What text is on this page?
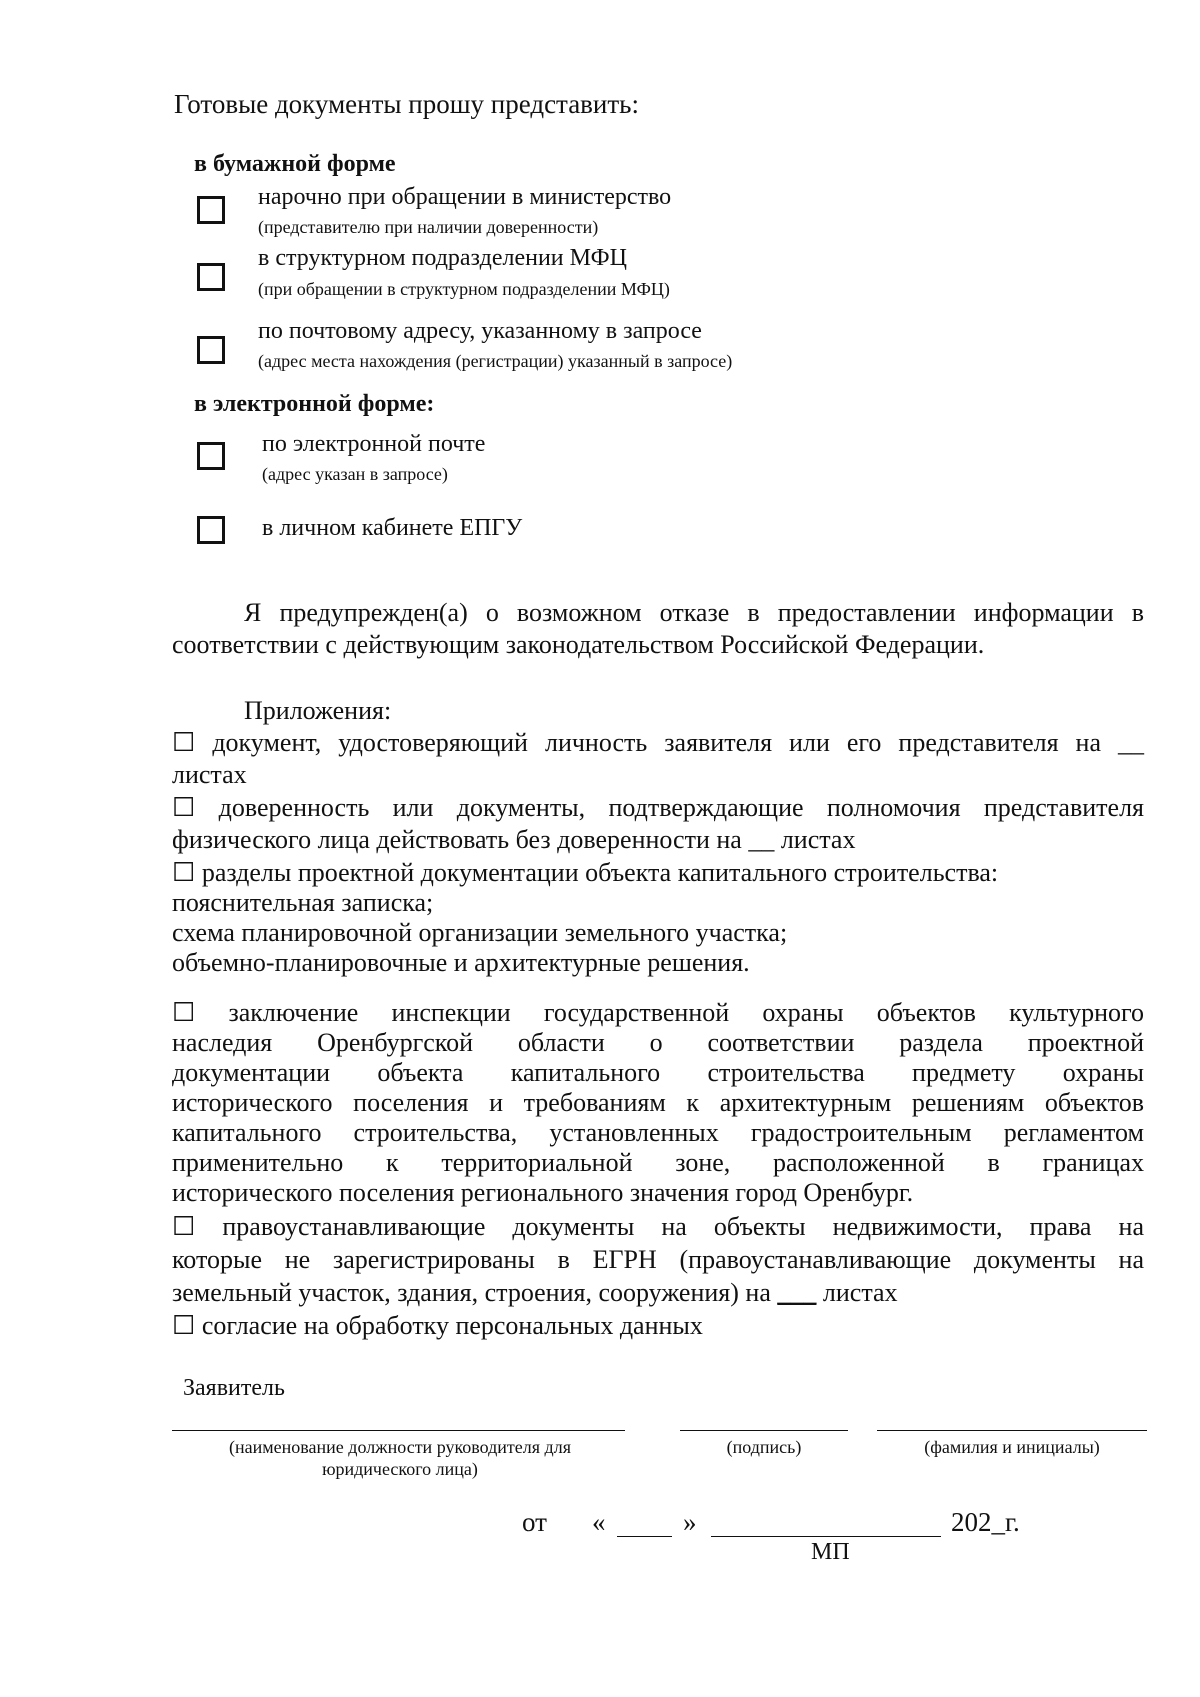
Готовые документы прошу представить:
в бумажной форме
нарочно при обращении в министерство
(представителю при наличии доверенности)
в структурном подразделении МФЦ
(при обращении в структурном подразделении МФЦ)
по почтовому адресу, указанному в запросе
(адрес места нахождения (регистрации) указанный в запросе)
в электронной форме:
по электронной почте
(адрес указан в запросе)
в личном кабинете ЕПГУ
Я предупрежден(а) о возможном отказе в предоставлении информации в
соответствии с действующим законодательством Российской Федерации.
Приложения:
☐ документ, удостоверяющий личность заявителя или его представителя на __
листах
☐ доверенность или документы, подтверждающие полномочия представителя
физического лица действовать без доверенности на __ листах
☐ разделы проектной документации объекта капитального строительства:
пояснительная записка;
схема планировочной организации земельного участка;
объемно-планировочные и архитектурные решения.
☐ заключение инспекции государственной охраны объектов культурного
наследия Оренбургской области о соответствии раздела проектной
документации объекта капитального строительства предмету охраны
исторического поселения и требованиям к архитектурным решениям объектов
капитального строительства, установленных градостроительным регламентом
применительно к территориальной зоне, расположенной в границах
исторического поселения регионального значения город Оренбург.
☐ правоустанавливающие документы на объекты недвижимости, права на
которые не зарегистрированы в ЕГРН (правоустанавливающие документы на
земельный участок, здания, строения, сооружения) на ___ листах
☐ согласие на обработку персональных данных
Заявитель
(наименование должности руководителя для юридического лица)
(подпись)	(фамилия и инициалы)
от «	»	202_г.
МП
